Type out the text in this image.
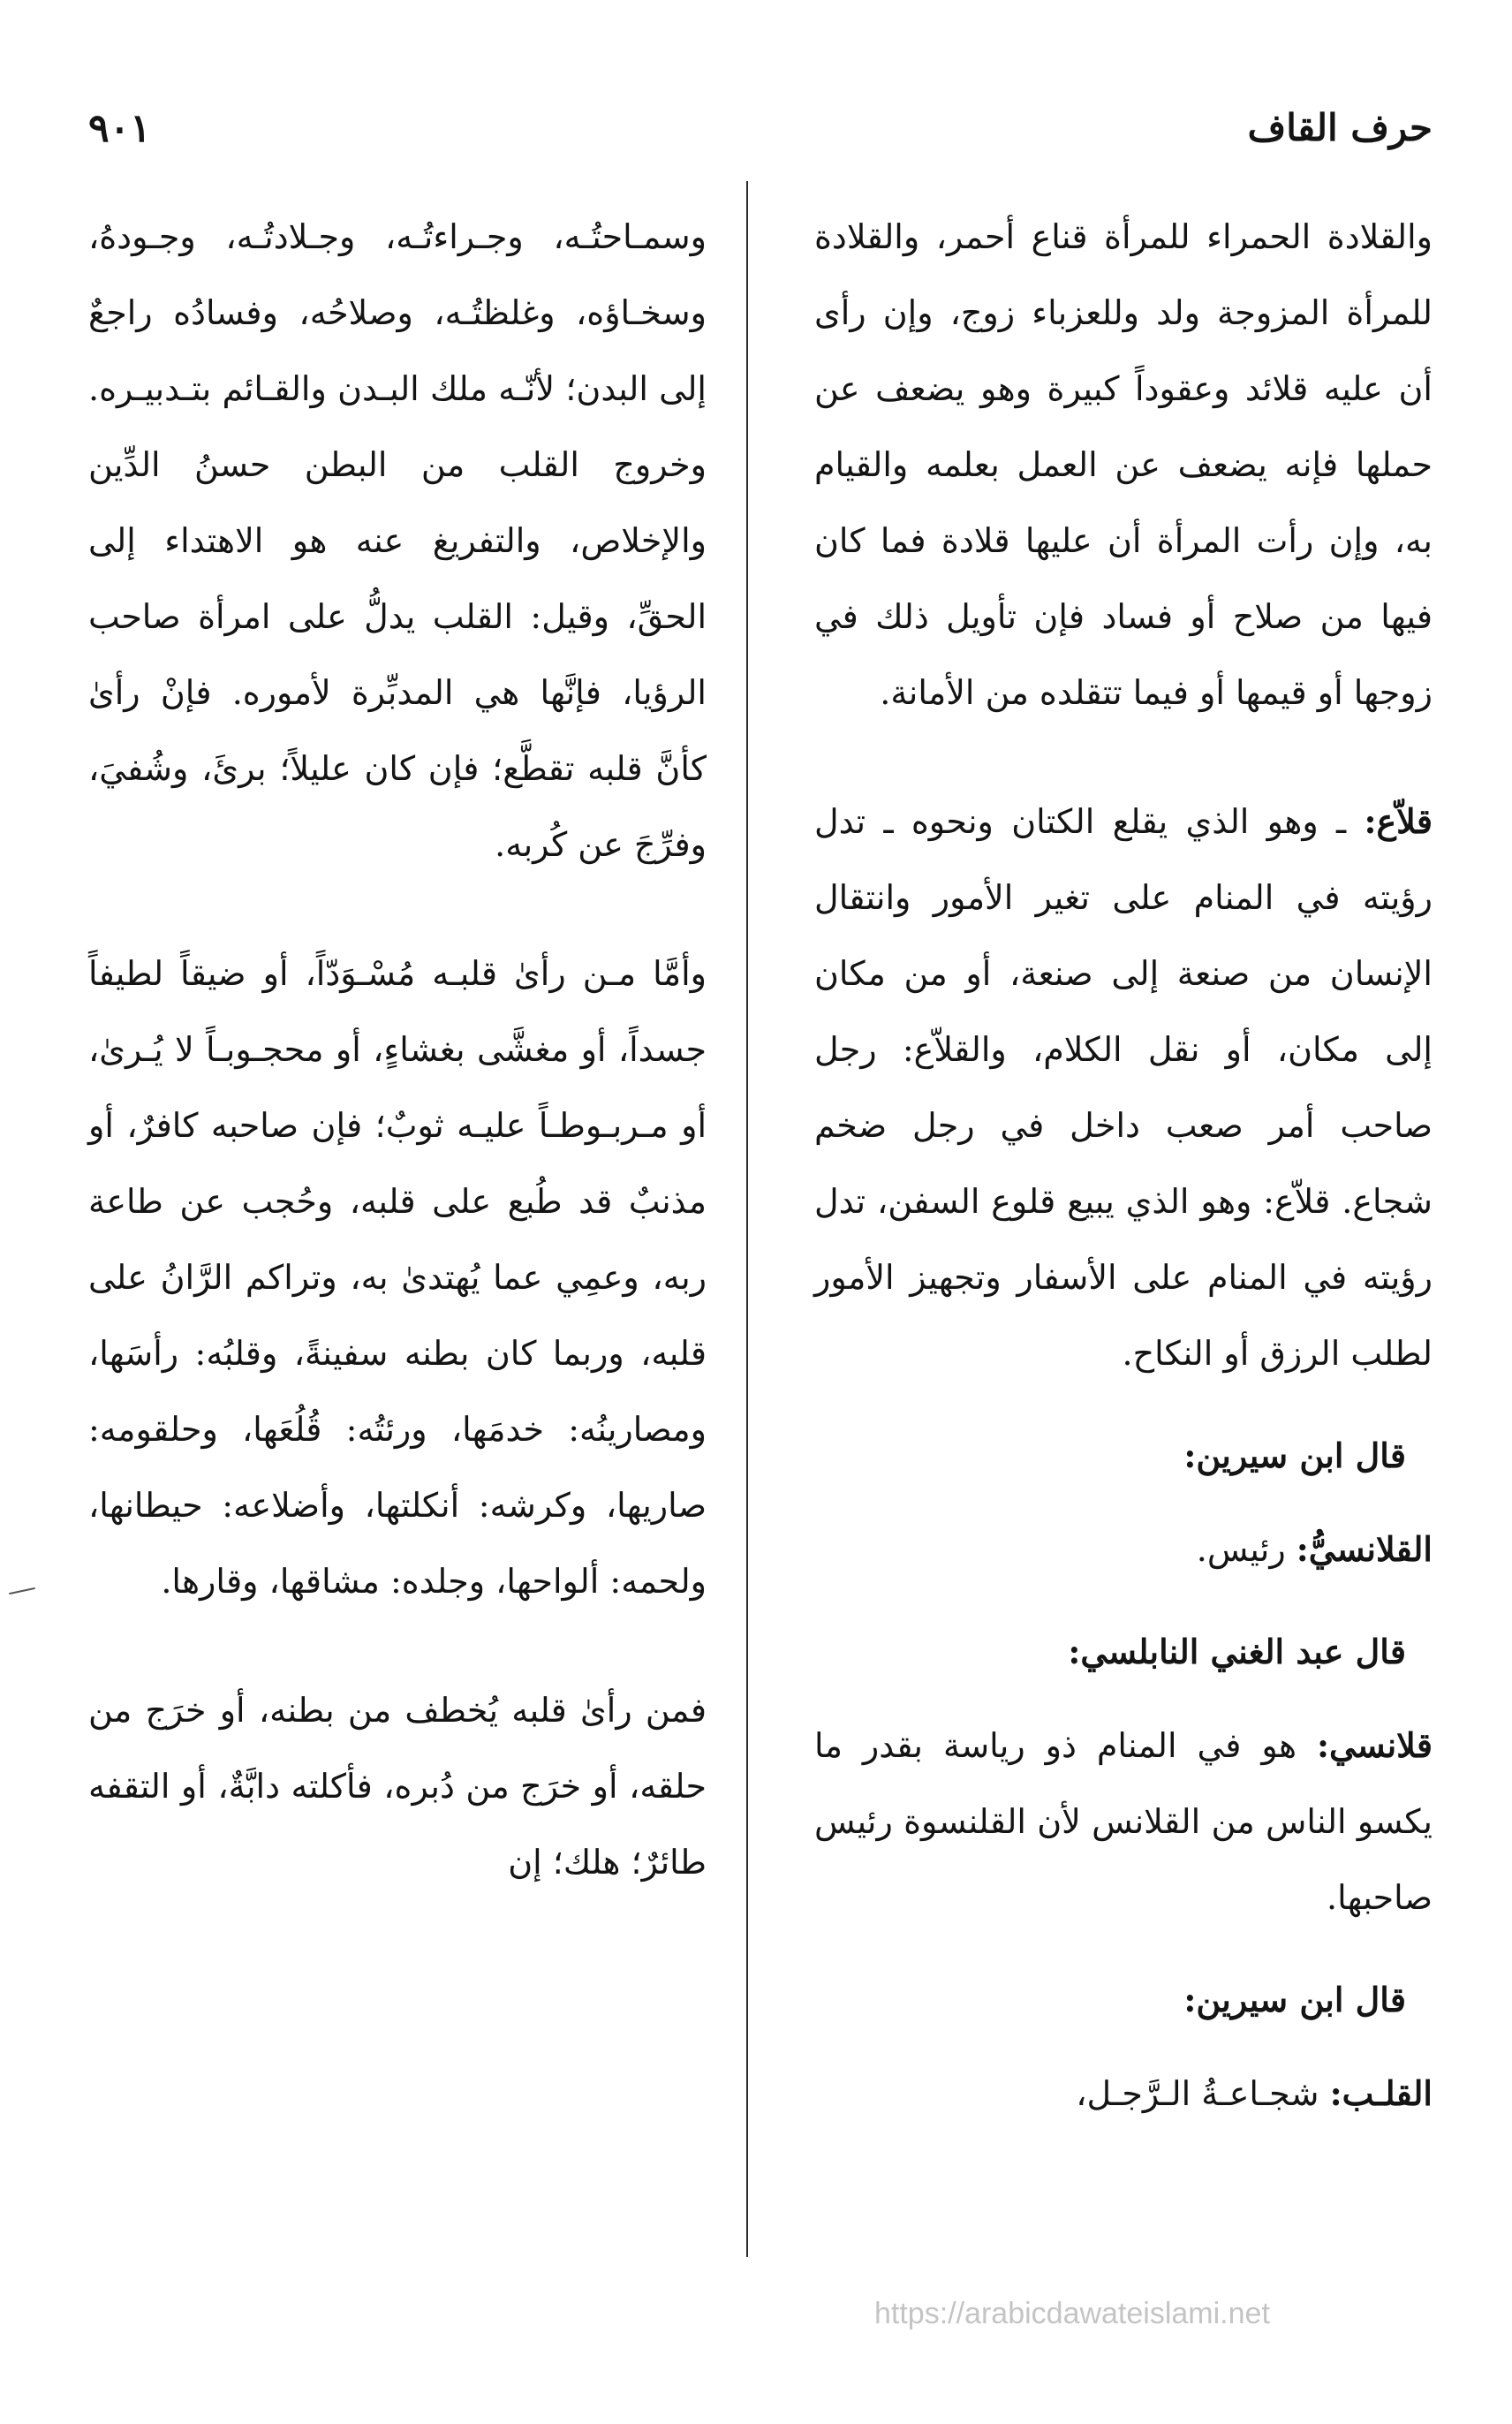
حرف القاف
٩٠١

والقلادة الحمراء للمرأة قناع أحمر، والقلادة للمرأة المزوجة ولد وللعزباء زوج، وإن رأى أن عليه قلائد وعقوداً كبيرة وهو يضعف عن حملها فإنه يضعف عن العمل بعلمه والقيام به، وإن رأت المرأة أن عليها قلادة فما كان فيها من صلاح أو فساد فإن تأويل ذلك في زوجها أو قيمها أو فيما تتقلده من الأمانة.

قلاّع: ـ وهو الذي يقلع الكتان ونحوه ـ تدل رؤيته في المنام على تغير الأمور وانتقال الإنسان من صنعة إلى صنعة، أو من مكان إلى مكان، أو نقل الكلام، والقلاّع: رجل صاحب أمر صعب داخل في رجل ضخم شجاع. قلاّع: وهو الذي يبيع قلوع السفن، تدل رؤيته في المنام على الأسفار وتجهيز الأمور لطلب الرزق أو النكاح.

قال ابن سيرين:

القلانسيُّ: رئيس.

قال عبد الغني النابلسي:

قلانسي: هو في المنام ذو رياسة بقدر ما يكسو الناس من القلانس لأن القلنسوة رئيس صاحبها.

قال ابن سيرين:

القلـب: شجـاعـةُ الـرَّجـل،

وسمـاحتُـه، وجـراءتُـه، وجـلادتُـه، وجـودهُ، وسخـاؤه، وغلظتُـه، وصلاحُه، وفسادُه راجعٌ إلى البدن؛ لأنّـه ملك البـدن والقـائم بتـدبيـره. وخروج القلب من البطن حسنُ الدِّين والإخلاص، والتفريغ عنه هو الاهتداء إلى الحقِّ، وقيل: القلب يدلُّ على امرأة صاحب الرؤيا، فإنَّها هي المدبِّرة لأموره. فإنْ رأىٰ كأنَّ قلبه تقطَّع؛ فإن كان عليلاً؛ برئَ، وشُفيَ، وفرِّجَ عن كُربه.

وأمَّا مـن رأىٰ قلبـه مُسْـوَدّاً، أو ضيقاً لطيفاً جسداً، أو مغشَّى بغشاءٍ، أو محجـوبـاً لا يُـرىٰ، أو مـربـوطـاً عليـه ثوبٌ؛ فإن صاحبه كافرٌ، أو مذنبٌ قد طُبع على قلبه، وحُجب عن طاعة ربه، وعمِي عما يُهتدىٰ به، وتراكم الرَّانُ على قلبه، وربما كان بطنه سفينةً، وقلبُه: رأسَها، ومصارينُه: خدمَها، ورئتُه: قُلُعَها، وحلقومه: صاريها، وكرشه: أنكلتها، وأضلاعه: حيطانها، ولحمه: ألواحها، وجلده: مشاقها، وقارها.

فمن رأىٰ قلبه يُخطف من بطنه، أو خرَج من حلقه، أو خرَج من دُبره، فأكلته دابَّةٌ، أو التقفه طائرٌ؛ هلك؛ إن

https://arabicdawateislami.net
